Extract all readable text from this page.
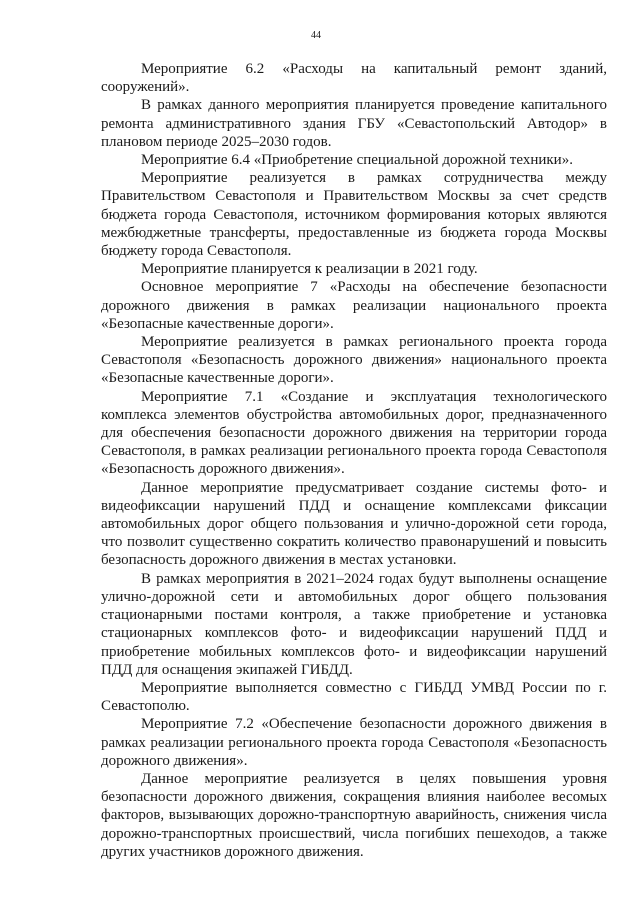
44

Мероприятие 6.2 «Расходы на капитальный ремонт зданий, сооружений».

В рамках данного мероприятия планируется проведение капитального ремонта административного здания ГБУ «Севастопольский Автодор» в плановом периоде 2025–2030 годов.

Мероприятие 6.4 «Приобретение специальной дорожной техники».

Мероприятие реализуется в рамках сотрудничества между Правительством Севастополя и Правительством Москвы за счет средств бюджета города Севастополя, источником формирования которых являются межбюджетные трансферты, предоставленные из бюджета города Москвы бюджету города Севастополя.

Мероприятие планируется к реализации в 2021 году.

Основное мероприятие 7 «Расходы на обеспечение безопасности дорожного движения в рамках реализации национального проекта «Безопасные качественные дороги».

Мероприятие реализуется в рамках регионального проекта города Севастополя «Безопасность дорожного движения» национального проекта «Безопасные качественные дороги».

Мероприятие 7.1 «Создание и эксплуатация технологического комплекса элементов обустройства автомобильных дорог, предназначенного для обеспечения безопасности дорожного движения на территории города Севастополя, в рамках реализации регионального проекта города Севастополя «Безопасность дорожного движения».

Данное мероприятие предусматривает создание системы фото- и видеофиксации нарушений ПДД и оснащение комплексами фиксации автомобильных дорог общего пользования и улично-дорожной сети города, что позволит существенно сократить количество правонарушений и повысить безопасность дорожного движения в местах установки.

В рамках мероприятия в 2021–2024 годах будут выполнены оснащение улично-дорожной сети и автомобильных дорог общего пользования стационарными постами контроля, а также приобретение и установка стационарных комплексов фото- и видеофиксации нарушений ПДД и приобретение мобильных комплексов фото- и видеофиксации нарушений ПДД для оснащения экипажей ГИБДД.

Мероприятие выполняется совместно с ГИБДД УМВД России по г. Севастополю.

Мероприятие 7.2 «Обеспечение безопасности дорожного движения в рамках реализации регионального проекта города Севастополя «Безопасность дорожного движения».

Данное мероприятие реализуется в целях повышения уровня безопасности дорожного движения, сокращения влияния наиболее весомых факторов, вызывающих дорожно-транспортную аварийность, снижения числа дорожно-транспортных происшествий, числа погибших пешеходов, а также других участников дорожного движения.
